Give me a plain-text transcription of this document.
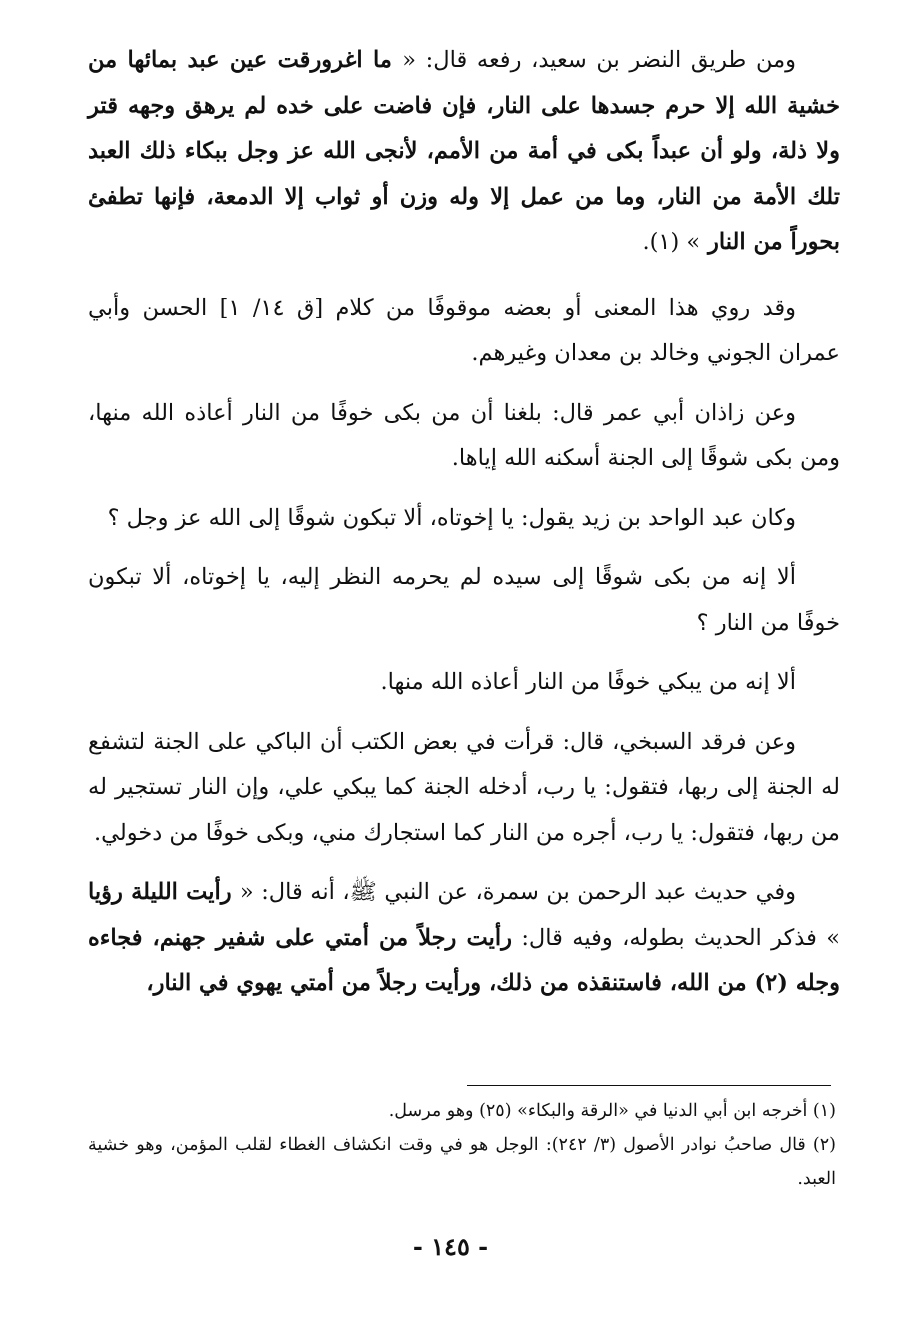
ومن طريق النضر بن سعيد، رفعه قال: « ما اغرورقت عين عبد بمائها من خشية الله إلا حرم جسدها على النار، فإن فاضت على خده لم يرهق وجهه قتر ولا ذلة، ولو أن عبداً بكى في أمة من الأمم، لأنجى الله عز وجل ببكاء ذلك العبد تلك الأمة من النار، وما من عمل إلا وله وزن أو ثواب إلا الدمعة، فإنها تطفئ بحوراً من النار » (١).

وقد روي هذا المعنى أو بعضه موقوفًا من كلام [ق ١٤/ ١] الحسن وأبي عمران الجوني وخالد بن معدان وغيرهم.

وعن زاذان أبي عمر قال: بلغنا أن من بكى خوفًا من النار أعاذه الله منها، ومن بكى شوقًا إلى الجنة أسكنه الله إياها.

وكان عبد الواحد بن زيد يقول: يا إخوتاه، ألا تبكون شوقًا إلى الله عز وجل ؟

ألا إنه من بكى شوقًا إلى سيده لم يحرمه النظر إليه، يا إخوتاه، ألا تبكون خوفًا من النار ؟

ألا إنه من يبكي خوفًا من النار أعاذه الله منها.

وعن فرقد السبخي، قال: قرأت في بعض الكتب أن الباكي على الجنة لتشفع له الجنة إلى ربها، فتقول: يا رب، أدخله الجنة كما يبكي علي، وإن النار تستجير له من ربها، فتقول: يا رب، أجره من النار كما استجارك مني، وبكى خوفًا من دخولي.

وفي حديث عبد الرحمن بن سمرة، عن النبي ﷺ، أنه قال: « رأيت الليلة رؤيا » فذكر الحديث بطوله، وفيه قال: رأيت رجلاً من أمتي على شفير جهنم، فجاءه وجله (٢) من الله، فاستنقذه من ذلك، ورأيت رجلاً من أمتي يهوي في النار،

(١) أخرجه ابن أبي الدنيا في «الرقة والبكاء» (٢٥) وهو مرسل.

(٢) قال صاحبُ نوادر الأصول (٣/ ٢٤٢): الوجل هو في وقت انكشاف الغطاء لقلب المؤمن، وهو خشية العبد.

- ١٤٥ -
